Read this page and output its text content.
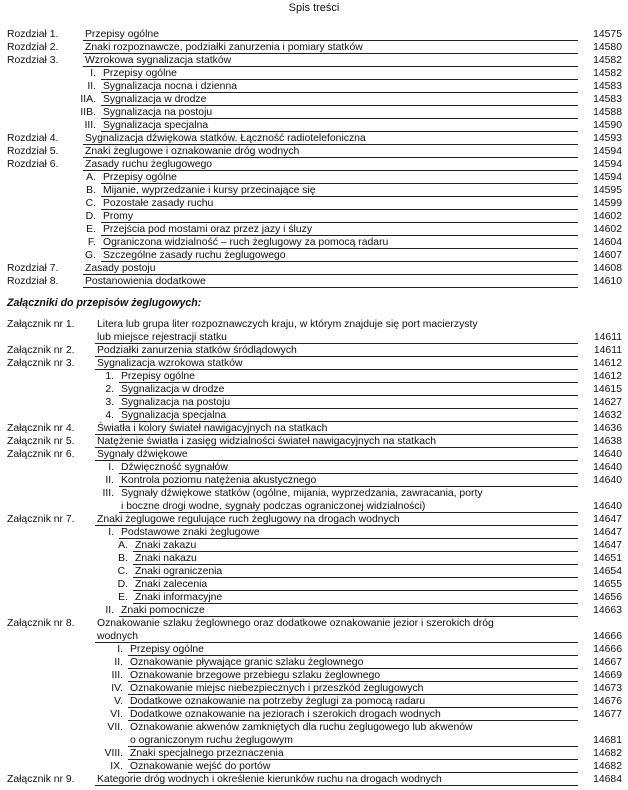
Spis treści
Załączniki do przepisów żeglugowych:
Rozdział 1.	Przepisy ogólne	14575
Rozdział 2.	Znaki rozpoznawcze, podziałki zanurzenia i pomiary statków	14580
Rozdział 3.	Wzrokowa sygnalizacja statków	14582
I. Przepisy ogólne	14582
II. Sygnalizacja nocna i dzienna	14583
IIA. Sygnalizacja w drodze	14583
IIB. Sygnalizacja na postoju	14588
III. Sygnalizacja specjalna	14590
Rozdział 4.	Sygnalizacja dźwiękowa statków. Łączność radiotelefoniczna	14593
Rozdział 5.	Znaki żeglugowe i oznakowanie dróg wodnych	14594
Rozdział 6.	Zasady ruchu żeglugowego	14594
A. Przepisy ogólne	14594
B. Mijanie, wyprzedzanie i kursy przecinające się	14595
C. Pozostałe zasady ruchu	14599
D. Promy	14602
E. Przejścia pod mostami oraz przez jazy i śluzy	14602
F. Ograniczona widzialność – ruch żeglugowy za pomocą radaru	14604
G. Szczególne zasady ruchu żeglugowego	14607
Rozdział 7.	Zasady postoju	14608
Rozdział 8.	Postanowienia dodatkowe	14610
Załącznik nr 1. Litera lub grupa liter rozpoznawczych kraju, w którym znajduje się port macierzysty
lub miejsce rejestracji statku	14611
Załącznik nr 2. Podziałki zanurzenia statków śródlądowych	14611
Załącznik nr 3. Sygnalizacja wzrokowa statków	14612
1. Przepisy ogólne	14612
2. Sygnalizacja w drodze	14615
3. Sygnalizacja na postoju	14627
4. Sygnalizacja specjalna	14632
Załącznik nr 4. Światła i kolory świateł nawigacyjnych na statkach	14636
Załącznik nr 5. Natężenie światła i zasięg widzialności świateł nawigacyjnych na statkach	14638
Załącznik nr 6. Sygnały dźwiękowe	14640
I. Dźwięczność sygnałów	14640
II. Kontrola poziomu natężenia akustycznego	14640
III. Sygnały dźwiękowe statków (ogólne, mijania, wyprzedzania, zawracania, porty
i boczne drogi wodne, sygnały podczas ograniczonej widzialności)	14640
Załącznik nr 7. Znaki żeglugowe regulujące ruch żeglugowy na drogach wodnych	14647
I. Podstawowe znaki żeglugowe	14647
A. Znaki zakazu	14647
B. Znaki nakazu	14651
C. Znaki ograniczenia	14654
D. Znaki zalecenia	14655
E. Znaki informacyjne	14656
II. Znaki pomocnicze	14663
Załącznik nr 8. Oznakowanie szlaku żeglownego oraz dodatkowe oznakowanie jezior i szerokich dróg
wodnych	14666
I. Przepisy ogólne	14666
II. Oznakowanie pływające granic szlaku żeglownego	14667
III. Oznakowanie brzegowe przebiegu szlaku żeglownego	14669
IV. Oznakowanie miejsc niebezpiecznych i przeszkód żeglugowych	14673
V. Dodatkowe oznakowanie na potrzeby żeglugi za pomocą radaru	14676
VI. Dodatkowe oznakowanie na jeziorach i szerokich drogach wodnych	14677
VII. Oznakowanie akwenów zamkniętych dla ruchu żeglugowego lub akwenów
o ograniczonym ruchu żeglugowym	14681
VIII. Znaki specjalnego przeznaczenia	14682
IX. Oznakowanie wejść do portów	14682
Załącznik nr 9. Kategorie dróg wodnych i określenie kierunków ruchu na drogach wodnych	14684
